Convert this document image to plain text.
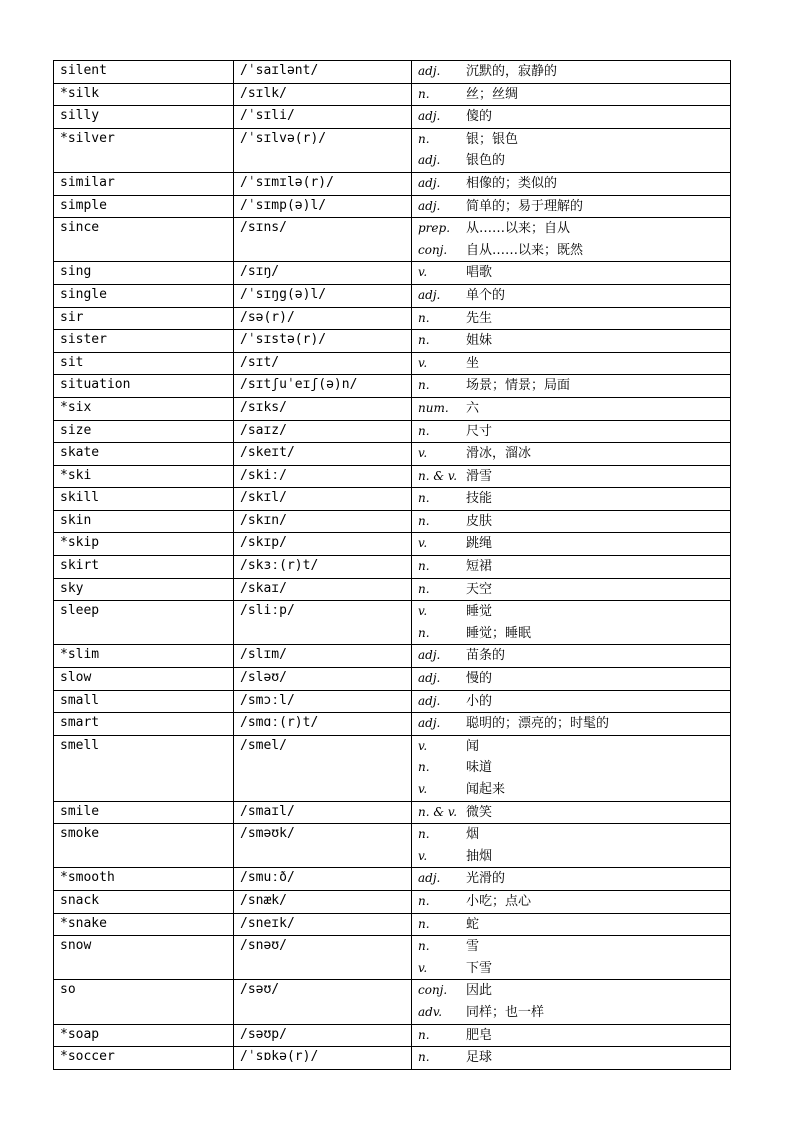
silent	/ˈsaɪlənt/	adj. 沉默的，寂静的

*silk	/sɪlk/	n. 丝；丝绸

silly	/ˈsɪli/	adj. 傻的

*silver	/ˈsɪlvə(r)/	n. 银；银色
adj. 银色的

similar	/ˈsɪmɪlə(r)/	adj. 相像的；类似的

simple	/ˈsɪmp(ə)l/	adj. 简单的；易于理解的

since	/sɪns/	prep. 从……以来；自从
conj. 自从……以来；既然

sing	/sɪŋ/	v. 唱歌

single	/ˈsɪŋg(ə)l/	adj. 单个的

sir	/sə(r)/	n. 先生

sister	/ˈsɪstə(r)/	n. 姐妹

sit	/sɪt/	v. 坐

situation	/sɪtʃuˈeɪʃ(ə)n/	n. 场景；情景；局面

*six	/sɪks/	num. 六

size	/saɪz/	n. 尺寸

skate	/skeɪt/	v. 滑冰，溜冰

*ski	/skiː/	n. & v. 滑雪

skill	/skɪl/	n. 技能

skin	/skɪn/	n. 皮肤

*skip	/skɪp/	v. 跳绳

skirt	/skɜː(r)t/	n. 短裙

sky	/skaɪ/	n. 天空

sleep	/sliːp/	v. 睡觉
n. 睡觉；睡眠

*slim	/slɪm/	adj. 苗条的

slow	/sləʊ/	adj. 慢的

small	/smɔːl/	adj. 小的

smart	/smɑː(r)t/	adj. 聪明的；漂亮的；时髦的

smell	/smel/	v. 闻
n. 味道
v. 闻起来

smile	/smaɪl/	n. & v. 微笑

smoke	/sməʊk/	n. 烟
v. 抽烟

*smooth	/smuːð/	adj. 光滑的

snack	/snæk/	n. 小吃；点心

*snake	/sneɪk/	n. 蛇

snow	/snəʊ/	n. 雪
v. 下雪

so	/səʊ/	conj. 因此
adv. 同样；也一样

*soap	/səʊp/	n. 肥皂

*soccer	/ˈsɒkə(r)/	n. 足球
